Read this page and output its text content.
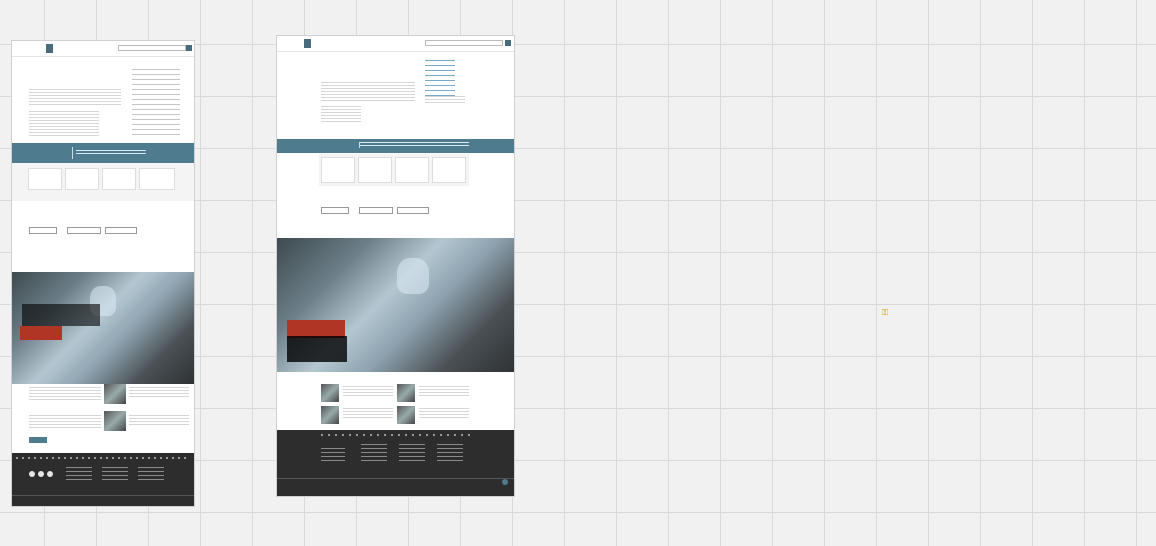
⚿
